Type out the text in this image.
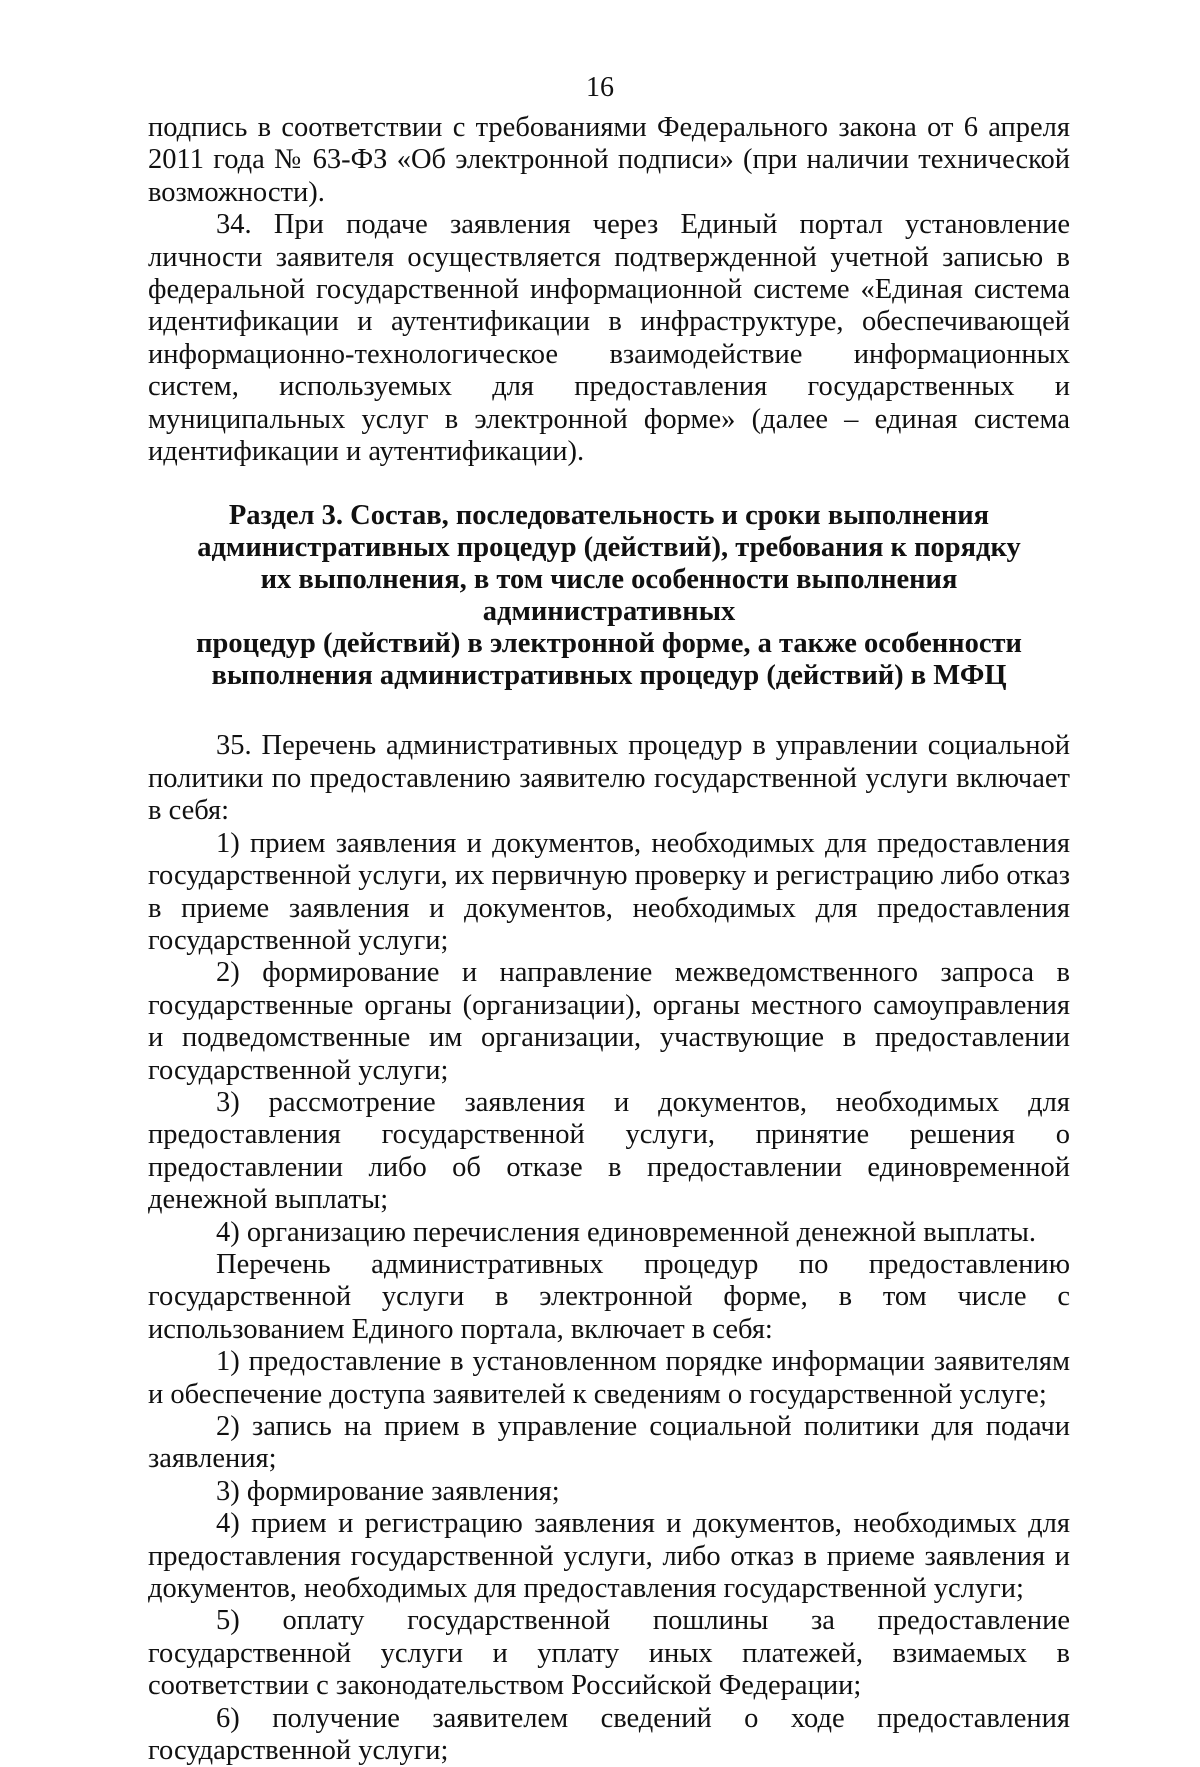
16

подпись в соответствии с требованиями Федерального закона от 6 апреля 2011 года № 63-ФЗ «Об электронной подписи» (при наличии технической возможности).

34. При подаче заявления через Единый портал установление личности заявителя осуществляется подтвержденной учетной записью в федеральной государственной информационной системе «Единая система идентификации и аутентификации в инфраструктуре, обеспечивающей информационно-технологическое взаимодействие информационных систем, используемых для предоставления государственных и муниципальных услуг в электронной форме» (далее – единая система идентификации и аутентификации).

Раздел 3. Состав, последовательность и сроки выполнения
административных процедур (действий), требования к порядку
их выполнения, в том числе особенности выполнения административных
процедур (действий) в электронной форме, а также особенности
выполнения административных процедур (действий) в МФЦ

35. Перечень административных процедур в управлении социальной политики по предоставлению заявителю государственной услуги включает в себя:

1) прием заявления и документов, необходимых для предоставления государственной услуги, их первичную проверку и регистрацию либо отказ в приеме заявления и документов, необходимых для предоставления государственной услуги;

2) формирование и направление межведомственного запроса в государственные органы (организации), органы местного самоуправления и подведомственные им организации, участвующие в предоставлении государственной услуги;

3) рассмотрение заявления и документов, необходимых для предоставления государственной услуги, принятие решения о предоставлении либо об отказе в предоставлении единовременной денежной выплаты;

4) организацию перечисления единовременной денежной выплаты.

Перечень административных процедур по предоставлению государственной услуги в электронной форме, в том числе с использованием Единого портала, включает в себя:

1) предоставление в установленном порядке информации заявителям и обеспечение доступа заявителей к сведениям о государственной услуге;

2) запись на прием в управление социальной политики для подачи заявления;

3) формирование заявления;

4) прием и регистрацию заявления и документов, необходимых для предоставления государственной услуги, либо отказ в приеме заявления и документов, необходимых для предоставления государственной услуги;

5) оплату государственной пошлины за предоставление государственной услуги и уплату иных платежей, взимаемых в соответствии с законодательством Российской Федерации;

6) получение заявителем сведений о ходе предоставления государственной услуги;
